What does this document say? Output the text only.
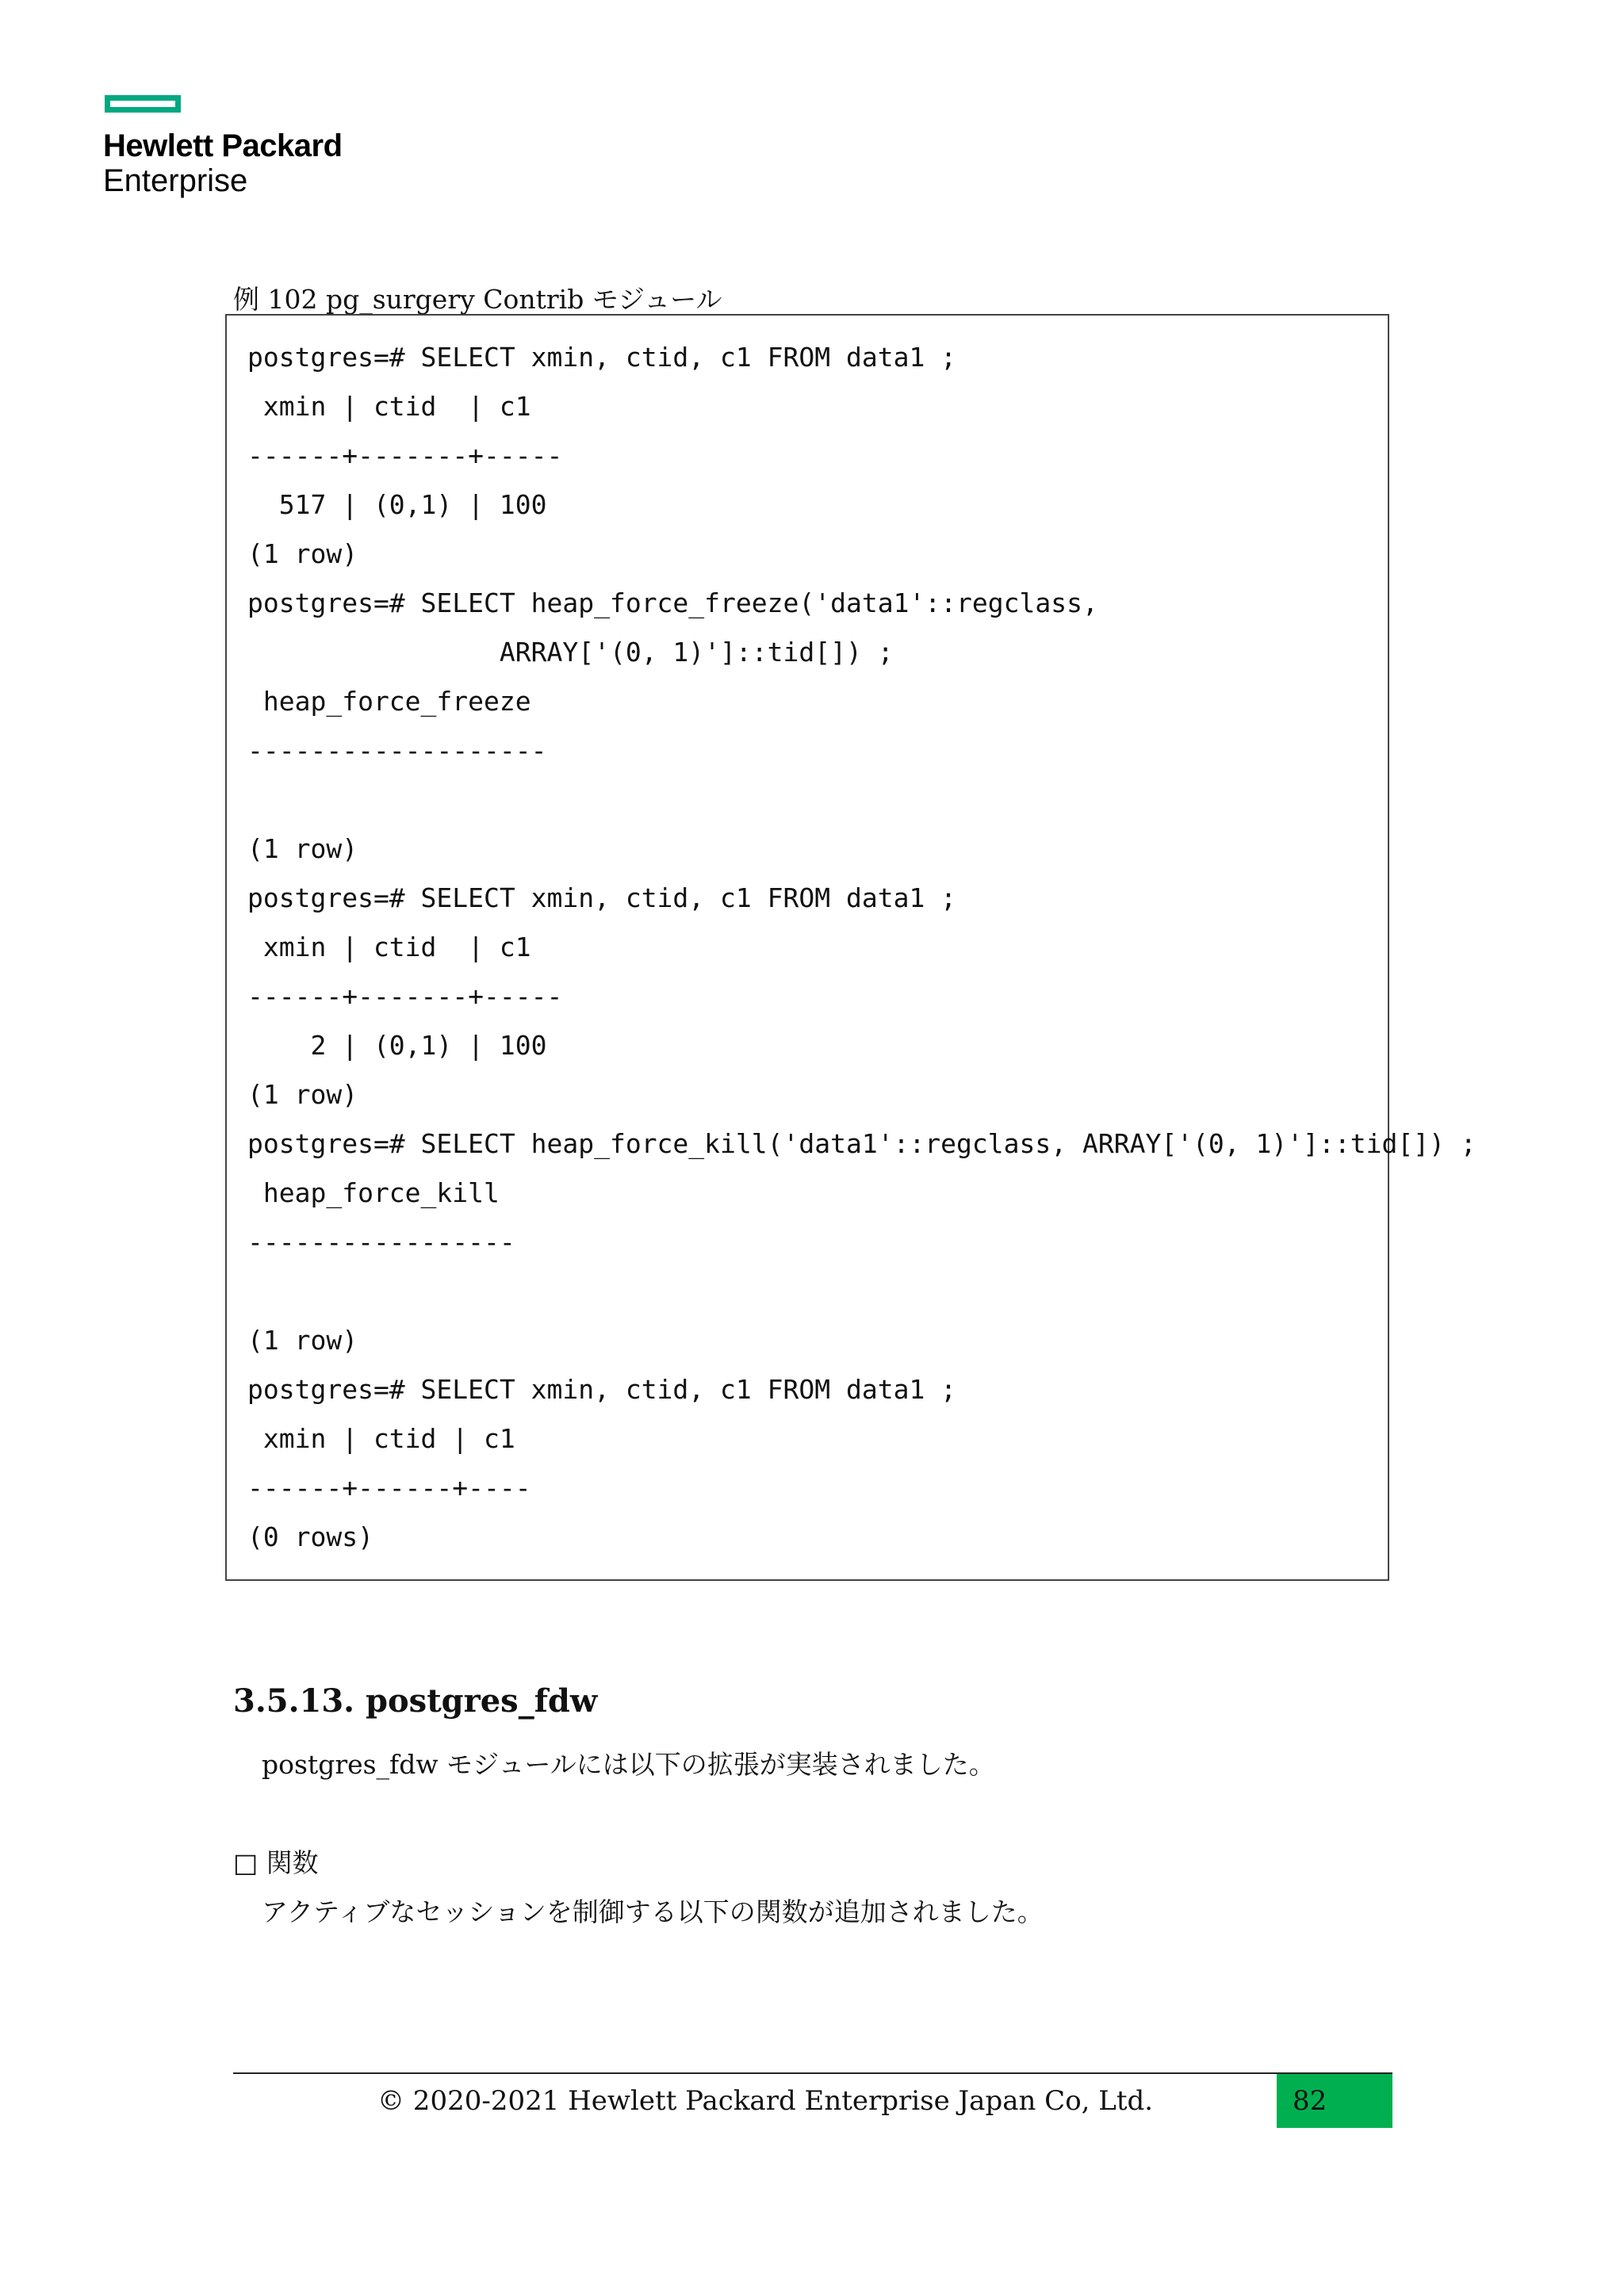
Hewlett Packard
Enterprise
例 102 pg_surgery Contrib モジュール
postgres=# SELECT xmin, ctid, c1 FROM data1 ;
xmin | ctid  | c1
------+-------+-----
517 | (0,1) | 100
(1 row)
postgres=# SELECT heap_force_freeze('data1'::regclass,
ARRAY['(0, 1)']::tid[]) ;
heap_force_freeze
-------------------
(1 row)
postgres=# SELECT xmin, ctid, c1 FROM data1 ;
xmin | ctid  | c1
------+-------+-----
2 | (0,1) | 100
(1 row)
postgres=# SELECT heap_force_kill('data1'::regclass, ARRAY['(0, 1)']::tid[]) ;
heap_force_kill
-----------------
(1 row)
postgres=# SELECT xmin, ctid, c1 FROM data1 ;
xmin | ctid | c1
------+------+----
(0 rows)
3.5.13. postgres_fdw
postgres_fdw モジュールには以下の拡張が実装されました。
□ 関数
アクティブなセッションを制御する以下の関数が追加されました。
© 2020-2021 Hewlett Packard Enterprise Japan Co, Ltd.	82
